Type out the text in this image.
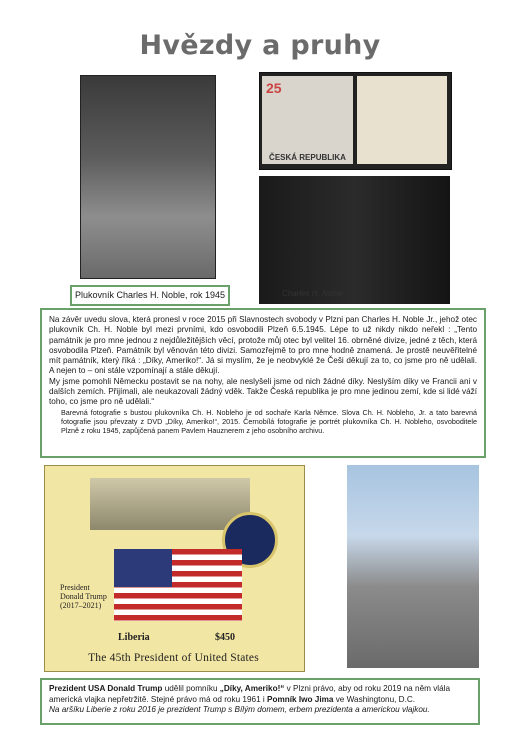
Hvězdy a pruhy
Plukovník Charles H. Noble, rok 1945
25
ČESKÁ REPUBLIKA
Charles H. Noble

Na závěr uvedu slova, která pronesl v roce 2015 při Slavnostech svobody v Plzni pan Charles H. Noble Jr., jehož otec plukovník Ch. H. Noble byl mezi prvními, kdo osvobodili Plzeň 6.5.1945. Lépe to už nikdy nikdo neřekl : „Tento památník je pro mne jednou z nejdůležitějších věcí, protože můj otec byl velitel 16. obrněné divize, jedné z těch, která osvobodila Plzeň. Památník byl věnován této divizi. Samozřejmě to pro mne hodně znamená. Je prostě neuvěřitelné mít památník, který říká : „Díky, Ameriko!“. Já si myslím, že je neobvyklé že Češi děkují za to, co jsme pro ně udělali. A nejen to – oni stále vzpomínají a stále děkují.

My jsme pomohli Německu postavit se na nohy, ale neslyšeli jsme od nich žádné díky. Neslyším díky ve Francii ani v dalších zemích. Přijímali, ale neukazovali žádný vděk. Takže Česká republika je pro mne jedinou zemí, kde si lidé váží toho, co jsme pro ně udělali.“

Barevná fotografie s bustou plukovníka Ch. H. Nobleho je od sochaře Karla Němce. Slova Ch. H. Nobleho, Jr. a tato barevná fotografie jsou převzaty z DVD „Díky, Ameriko!“, 2015. Černobílá fotografie je portrét plukovníka Ch. H. Nobleho, osvoboditele Plzně z roku 1945, zapůjčená panem Pavlem Hauznerem z jeho osobního archivu.

President
Donald Trump
(2017–2021)
Liberia	$450
The 45th President of United States

Prezident USA Donald Trump udělil pomníku „Díky, Ameriko!“ v Plzni právo, aby od roku 2019 na něm vlála americká vlajka nepřetržitě. Stejné právo má od roku 1961 i Pomník Iwo Jima ve Washingtonu, D.C.

Na aršíku Liberie z roku 2016 je prezident Trump s Bílým domem, erbem prezidenta a americkou vlajkou.
